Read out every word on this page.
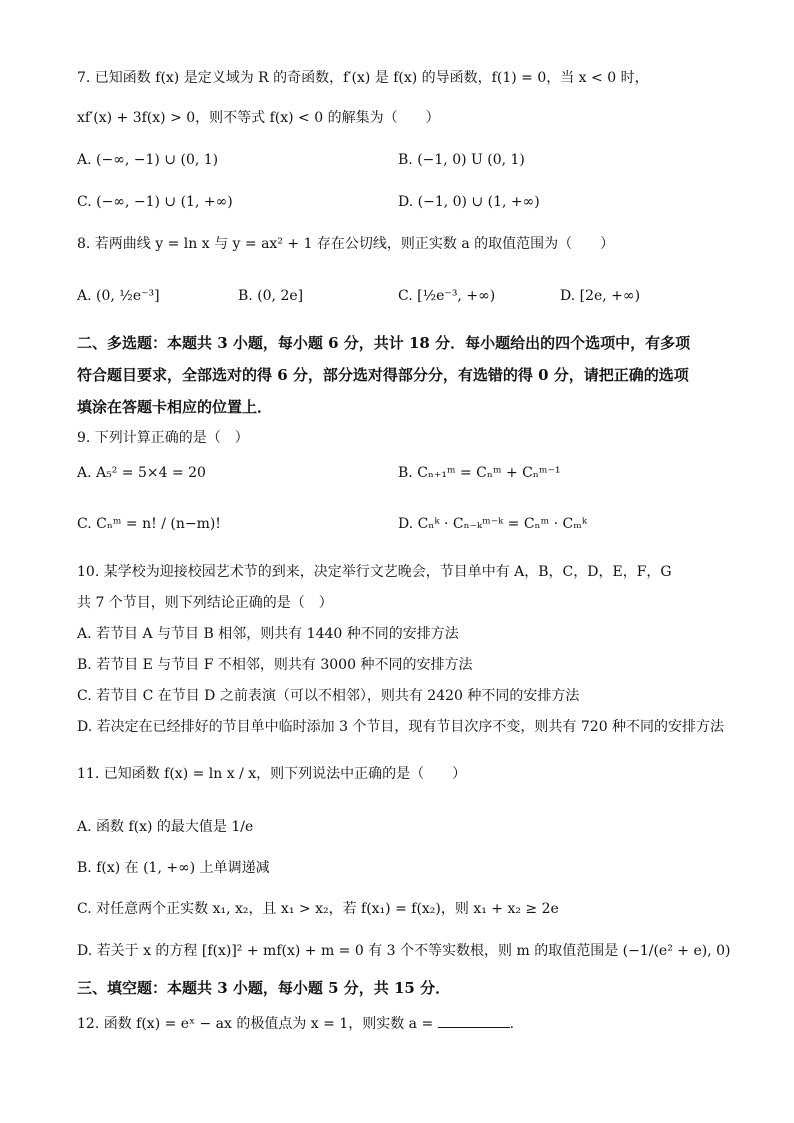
7. 已知函数 f(x) 是定义域为 R 的奇函数，f′(x) 是 f(x) 的导函数，f(1) = 0，当 x < 0 时，
xf′(x) + 3f(x) > 0，则不等式 f(x) < 0 的解集为（　　）
A. (−∞, −1) ∪ (0, 1)	B. (−1, 0) U (0, 1)
C. (−∞, −1) ∪ (1, +∞)	D. (−1, 0) ∪ (1, +∞)
8. 若两曲线 y = ln x 与 y = ax² + 1 存在公切线，则正实数 a 的取值范围为（　　）
A. (0, ½e⁻³]	B. (0, 2e]	C. [½e⁻³, +∞)	D. [2e, +∞)
二、多选题：本题共 3 小题，每小题 6 分，共计 18 分．每小题给出的四个选项中，有多项
符合题目要求，全部选对的得 6 分，部分选对得部分分，有选错的得 0 分，请把正确的选项
填涂在答题卡相应的位置上．
9. 下列计算正确的是（　）
A. A₅² = 5×4 = 20	B. Cₙ₊₁ᵐ = Cₙᵐ + Cₙᵐ⁻¹
C. Cₙᵐ = n! / (n−m)!	D. Cₙᵏ · Cₙ₋ₖᵐ⁻ᵏ = Cₙᵐ · Cₘᵏ
10. 某学校为迎接校园艺术节的到来，决定举行文艺晚会，节目单中有 A，B，C，D，E，F，G
共 7 个节目，则下列结论正确的是（　）
A. 若节目 A 与节目 B 相邻，则共有 1440 种不同的安排方法
B. 若节目 E 与节目 F 不相邻，则共有 3000 种不同的安排方法
C. 若节目 C 在节目 D 之前表演（可以不相邻），则共有 2420 种不同的安排方法
D. 若决定在已经排好的节目单中临时添加 3 个节目，现有节目次序不变，则共有 720 种不同的安排方法
11. 已知函数 f(x) = ln x / x，则下列说法中正确的是（　　）
A. 函数 f(x) 的最大值是 1/e
B. f(x) 在 (1, +∞) 上单调递减
C. 对任意两个正实数 x₁, x₂，且 x₁ > x₂，若 f(x₁) = f(x₂)，则 x₁ + x₂ ≥ 2e
D. 若关于 x 的方程 [f(x)]² + mf(x) + m = 0 有 3 个不等实数根，则 m 的取值范围是 (−1/(e² + e), 0)
三、填空题：本题共 3 小题，每小题 5 分，共 15 分．
12. 函数 f(x) = eˣ − ax 的极值点为 x = 1，则实数 a =	.
